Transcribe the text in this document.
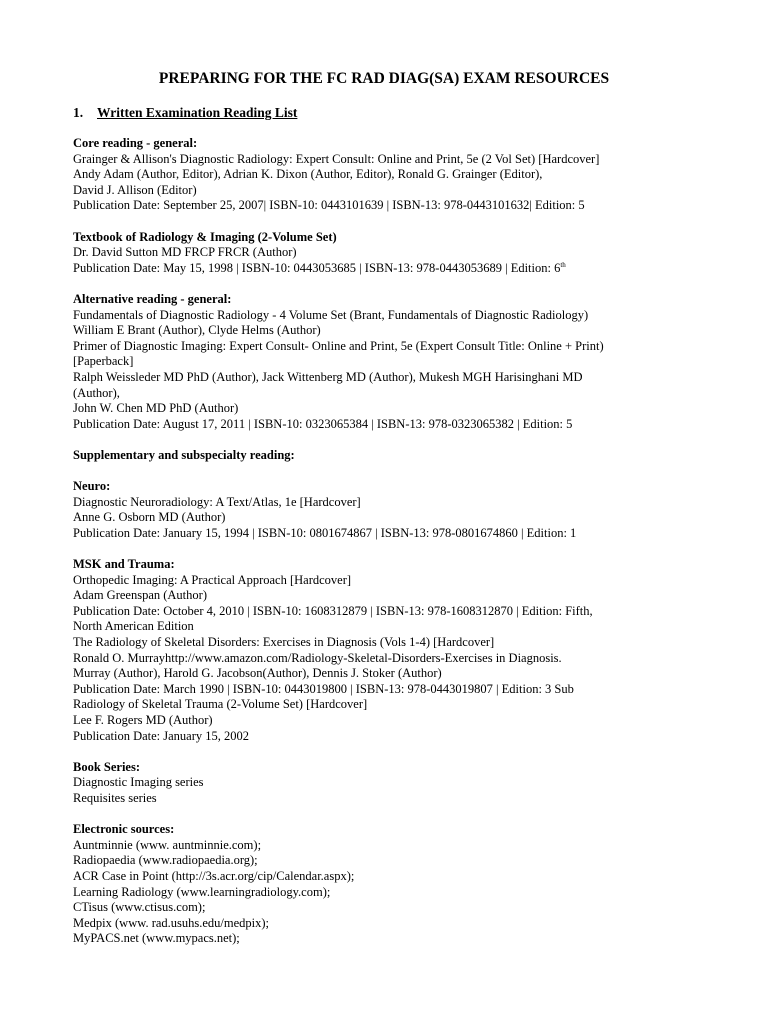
PREPARING FOR THE FC RAD DIAG(SA) EXAM RESOURCES
1. Written Examination Reading List
Core reading - general:
Grainger & Allison's Diagnostic Radiology: Expert Consult: Online and Print, 5e (2 Vol Set) [Hardcover]
Andy Adam (Author, Editor), Adrian K. Dixon (Author, Editor), Ronald G. Grainger (Editor),
David J. Allison (Editor)
Publication Date: September 25, 2007| ISBN-10: 0443101639 | ISBN-13: 978-0443101632| Edition: 5
Textbook of Radiology & Imaging (2-Volume Set)
Dr. David Sutton MD FRCP FRCR (Author)
Publication Date: May 15, 1998 | ISBN-10: 0443053685 | ISBN-13: 978-0443053689 | Edition: 6th
Alternative reading - general:
Fundamentals of Diagnostic Radiology - 4 Volume Set (Brant, Fundamentals of Diagnostic Radiology)
William E Brant (Author), Clyde Helms (Author)
Primer of Diagnostic Imaging: Expert Consult- Online and Print, 5e (Expert Consult Title: Online + Print)
[Paperback]
Ralph Weissleder MD PhD (Author), Jack Wittenberg MD (Author), Mukesh MGH Harisinghani MD
(Author),
John W. Chen MD PhD (Author)
Publication Date: August 17, 2011 | ISBN-10: 0323065384 | ISBN-13: 978-0323065382 | Edition: 5
Supplementary and subspecialty reading:
Neuro:
Diagnostic Neuroradiology: A Text/Atlas, 1e [Hardcover]
Anne G. Osborn MD (Author)
Publication Date: January 15, 1994 | ISBN-10: 0801674867 | ISBN-13: 978-0801674860 | Edition: 1
MSK and Trauma:
Orthopedic Imaging: A Practical Approach [Hardcover]
Adam Greenspan (Author)
Publication Date: October 4, 2010 | ISBN-10: 1608312879 | ISBN-13: 978-1608312870 | Edition: Fifth,
North American Edition
The Radiology of Skeletal Disorders: Exercises in Diagnosis (Vols 1-4) [Hardcover]
Ronald O. Murrayhttp://www.amazon.com/Radiology-Skeletal-Disorders-Exercises in Diagnosis.
Murray (Author), Harold G. Jacobson(Author), Dennis J. Stoker (Author)
Publication Date: March 1990 | ISBN-10: 0443019800 | ISBN-13: 978-0443019807 | Edition: 3 Sub
Radiology of Skeletal Trauma (2-Volume Set) [Hardcover]
Lee F. Rogers MD (Author)
Publication Date: January 15, 2002
Book Series:
Diagnostic Imaging series
Requisites series
Electronic sources:
Auntminnie (www. auntminnie.com);
Radiopaedia (www.radiopaedia.org);
ACR Case in Point (http://3s.acr.org/cip/Calendar.aspx);
Learning Radiology (www.learningradiology.com);
CTisus (www.ctisus.com);
Medpix (www. rad.usuhs.edu/medpix);
MyPACS.net (www.mypacs.net);
